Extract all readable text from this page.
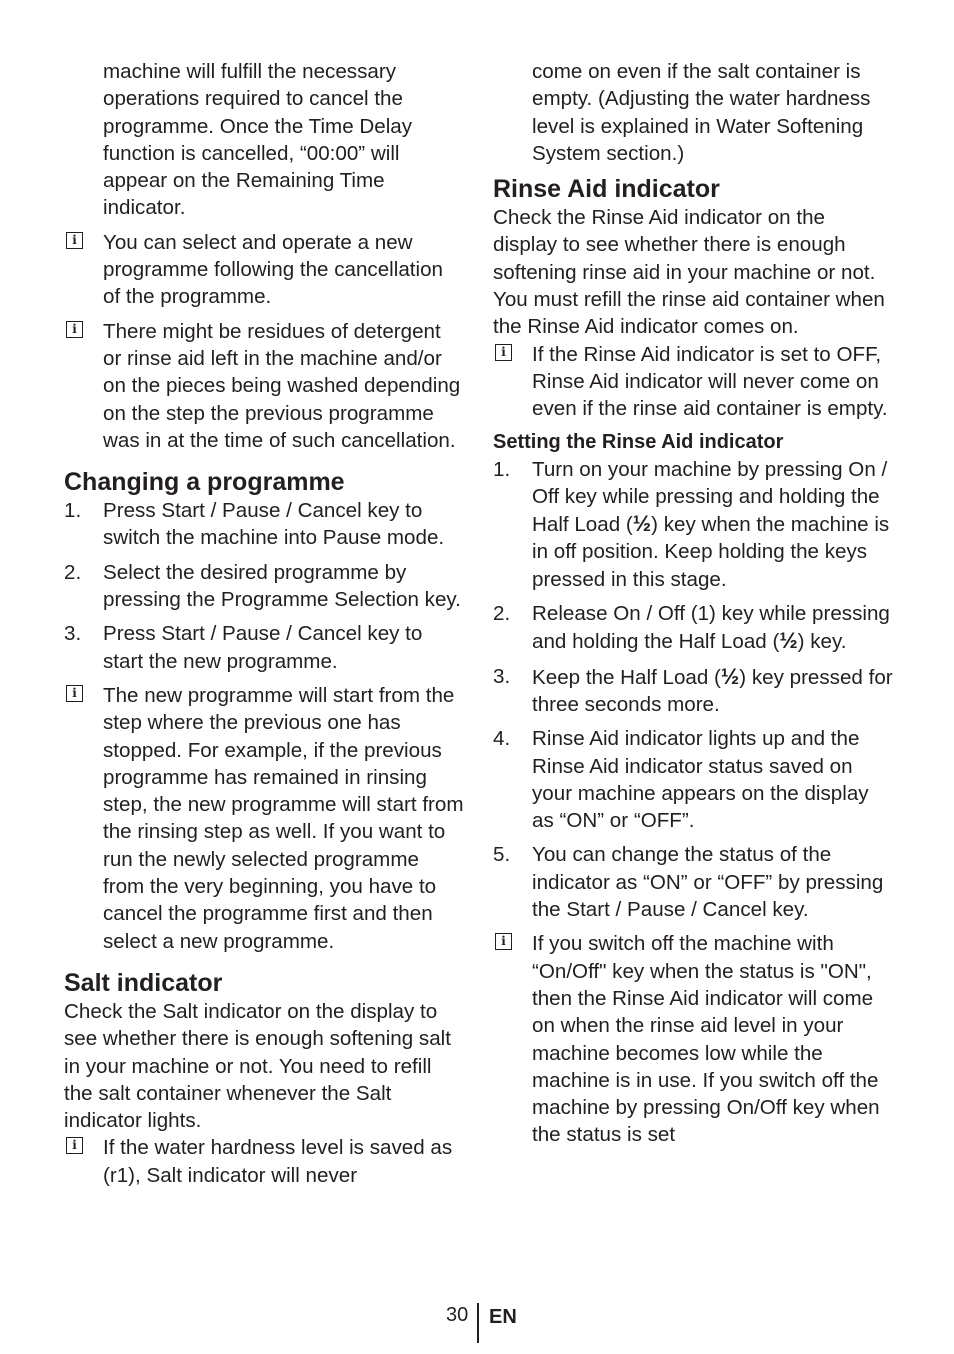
machine will fulfill the necessary operations required to cancel the programme. Once the Time Delay function is cancelled, “00:00” will appear on the Remaining Time indicator.

i	You can select and operate a new programme following the cancellation of the programme.
i	There might be residues of detergent or rinse aid left in the machine and/or on the pieces being washed depending on the step the previous programme was in at the time of such cancellation.
Changing a programme
1. Press Start / Pause / Cancel key to switch the machine into Pause mode.
2. Select the desired programme by pressing the Programme Selection key.
3. Press Start / Pause / Cancel key to start the new programme.
i	The new programme will start from the step where the previous one has stopped. For example, if the previous programme has remained in rinsing step, the new programme will start from the rinsing step as well. If you want to run the newly selected programme from the very beginning, you have to cancel the programme first and then select a new programme.
Salt indicator

Check the Salt indicator on the display to see whether there is enough softening salt in your machine or not. You need to refill the salt container whenever the Salt indicator lights.

i	If the water hardness level is saved as (r1), Salt indicator will never

come on even if the salt container is empty. (Adjusting the water hardness level is explained in Water Softening System section.)

Rinse Aid indicator

Check the Rinse Aid indicator on the display to see whether there is enough softening rinse aid in your machine or not. You must refill the rinse aid container when the Rinse Aid indicator comes on.

i	If the Rinse Aid indicator is set to OFF, Rinse Aid indicator will never come on even if the rinse aid container is empty.
Setting the Rinse Aid indicator
1. Turn on your machine by pressing On / Off key while pressing and holding the Half Load (½) key when the machine is in off position. Keep holding the keys pressed in this stage.
2. Release On / Off (1) key while pressing and holding the Half Load (½) key.
3. Keep the Half Load (½) key pressed for three seconds more.
4. Rinse Aid indicator lights up and the Rinse Aid indicator status saved on your machine appears on the display as “ON” or “OFF”.
5. You can change the status of the indicator as “ON” or “OFF” by pressing the Start / Pause / Cancel key.
i	If you switch off the machine with “On/Off" key when the status is "ON", then the Rinse Aid indicator will come on when the rinse aid level in your machine becomes low while the machine is in use. If you switch off the machine by pressing On/Off key when the status is set
30 EN
